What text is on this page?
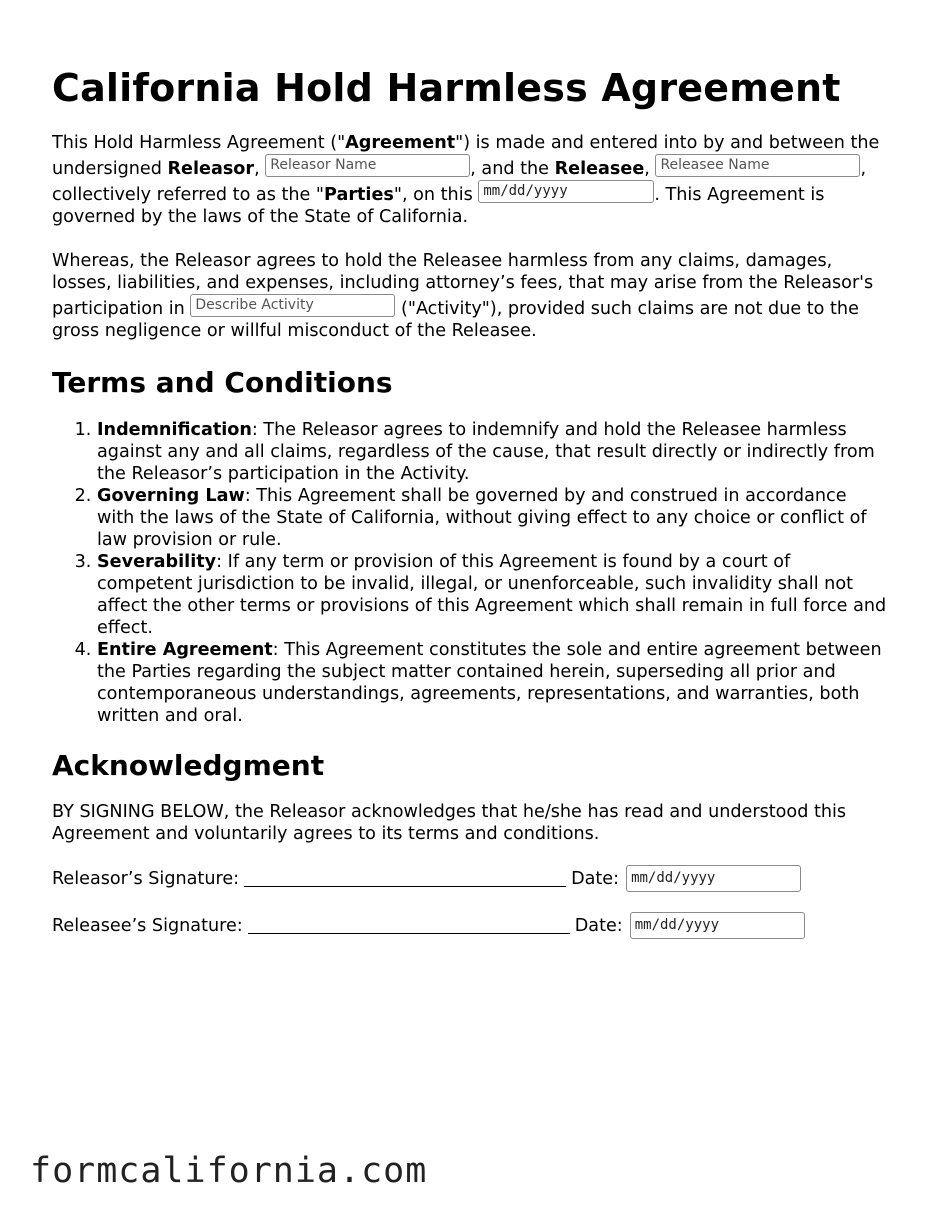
California Hold Harmless Agreement

This Hold Harmless Agreement ("Agreement") is made and entered into by and between the undersigned Releasor, Releasor Name	, and the Releasee, Releasee Name	, collectively referred to as the "Parties", on this mm/dd/yyyy	. This Agreement is governed by the laws of the State of California.

Whereas, the Releasor agrees to hold the Releasee harmless from any claims, damages, losses, liabilities, and expenses, including attorney’s fees, that may arise from the Releasor's participation in Describe Activity	("Activity"), provided such claims are not due to the gross negligence or willful misconduct of the Releasee.

Terms and Conditions
1. Indemnification: The Releasor agrees to indemnify and hold the Releasee harmless against any and all claims, regardless of the cause, that result directly or indirectly from the Releasor’s participation in the Activity.
2. Governing Law: This Agreement shall be governed by and construed in accordance with the laws of the State of California, without giving effect to any choice or conflict of law provision or rule.
3. Severability: If any term or provision of this Agreement is found by a court of competent jurisdiction to be invalid, illegal, or unenforceable, such invalidity shall not affect the other terms or provisions of this Agreement which shall remain in full force and effect.
4. Entire Agreement: This Agreement constitutes the sole and entire agreement between the Parties regarding the subject matter contained herein, superseding all prior and contemporaneous understandings, agreements, representations, and warranties, both written and oral.
Acknowledgment

BY SIGNING BELOW, the Releasor acknowledges that he/she has read and understood this Agreement and voluntarily agrees to its terms and conditions.

Releasor’s Signature:	Date: mm/dd/yyyy
Releasee’s Signature:	Date: mm/dd/yyyy
formcalifornia.com
